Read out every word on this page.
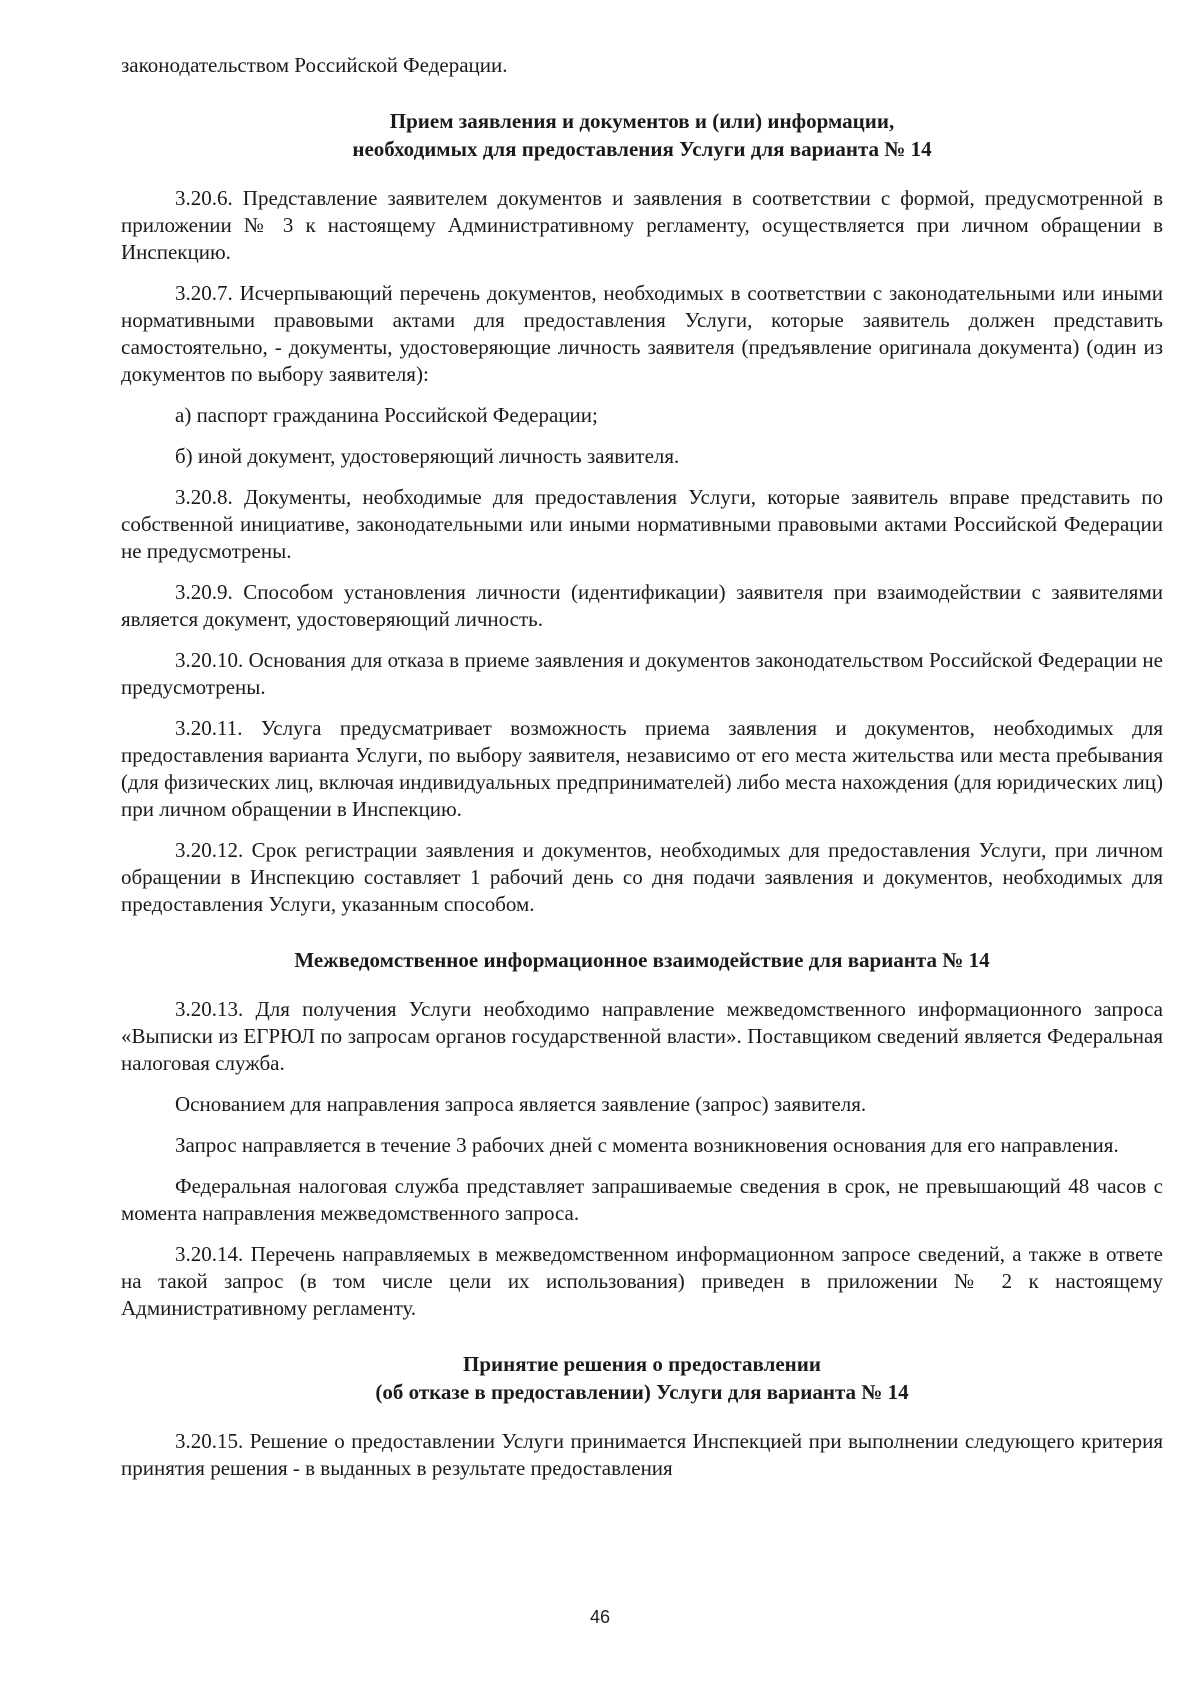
законодательством Российской Федерации.

Прием заявления и документов и (или) информации,
необходимых для предоставления Услуги для варианта № 14

3.20.6. Представление заявителем документов и заявления в соответствии с формой, предусмотренной в приложении № 3 к настоящему Административному регламенту, осуществляется при личном обращении в Инспекцию.

3.20.7. Исчерпывающий перечень документов, необходимых в соответствии с законодательными или иными нормативными правовыми актами для предоставления Услуги, которые заявитель должен представить самостоятельно, - документы, удостоверяющие личность заявителя (предъявление оригинала документа) (один из документов по выбору заявителя):

а) паспорт гражданина Российской Федерации;

б) иной документ, удостоверяющий личность заявителя.

3.20.8. Документы, необходимые для предоставления Услуги, которые заявитель вправе представить по собственной инициативе, законодательными или иными нормативными правовыми актами Российской Федерации не предусмотрены.

3.20.9. Способом установления личности (идентификации) заявителя при взаимодействии с заявителями является документ, удостоверяющий личность.

3.20.10. Основания для отказа в приеме заявления и документов законодательством Российской Федерации не предусмотрены.

3.20.11. Услуга предусматривает возможность приема заявления и документов, необходимых для предоставления варианта Услуги, по выбору заявителя, независимо от его места жительства или места пребывания (для физических лиц, включая индивидуальных предпринимателей) либо места нахождения (для юридических лиц) при личном обращении в Инспекцию.

3.20.12. Срок регистрации заявления и документов, необходимых для предоставления Услуги, при личном обращении в Инспекцию составляет 1 рабочий день со дня подачи заявления и документов, необходимых для предоставления Услуги, указанным способом.

Межведомственное информационное взаимодействие для варианта № 14

3.20.13. Для получения Услуги необходимо направление межведомственного информационного запроса «Выписки из ЕГРЮЛ по запросам органов государственной власти». Поставщиком сведений является Федеральная налоговая служба.

Основанием для направления запроса является заявление (запрос) заявителя.

Запрос направляется в течение 3 рабочих дней с момента возникновения основания для его направления.

Федеральная налоговая служба представляет запрашиваемые сведения в срок, не превышающий 48 часов с момента направления межведомственного запроса.

3.20.14. Перечень направляемых в межведомственном информационном запросе сведений, а также в ответе на такой запрос (в том числе цели их использования) приведен в приложении № 2 к настоящему Административному регламенту.

Принятие решения о предоставлении
(об отказе в предоставлении) Услуги для варианта № 14

3.20.15. Решение о предоставлении Услуги принимается Инспекцией при выполнении следующего критерия принятия решения - в выданных в результате предоставления

46
